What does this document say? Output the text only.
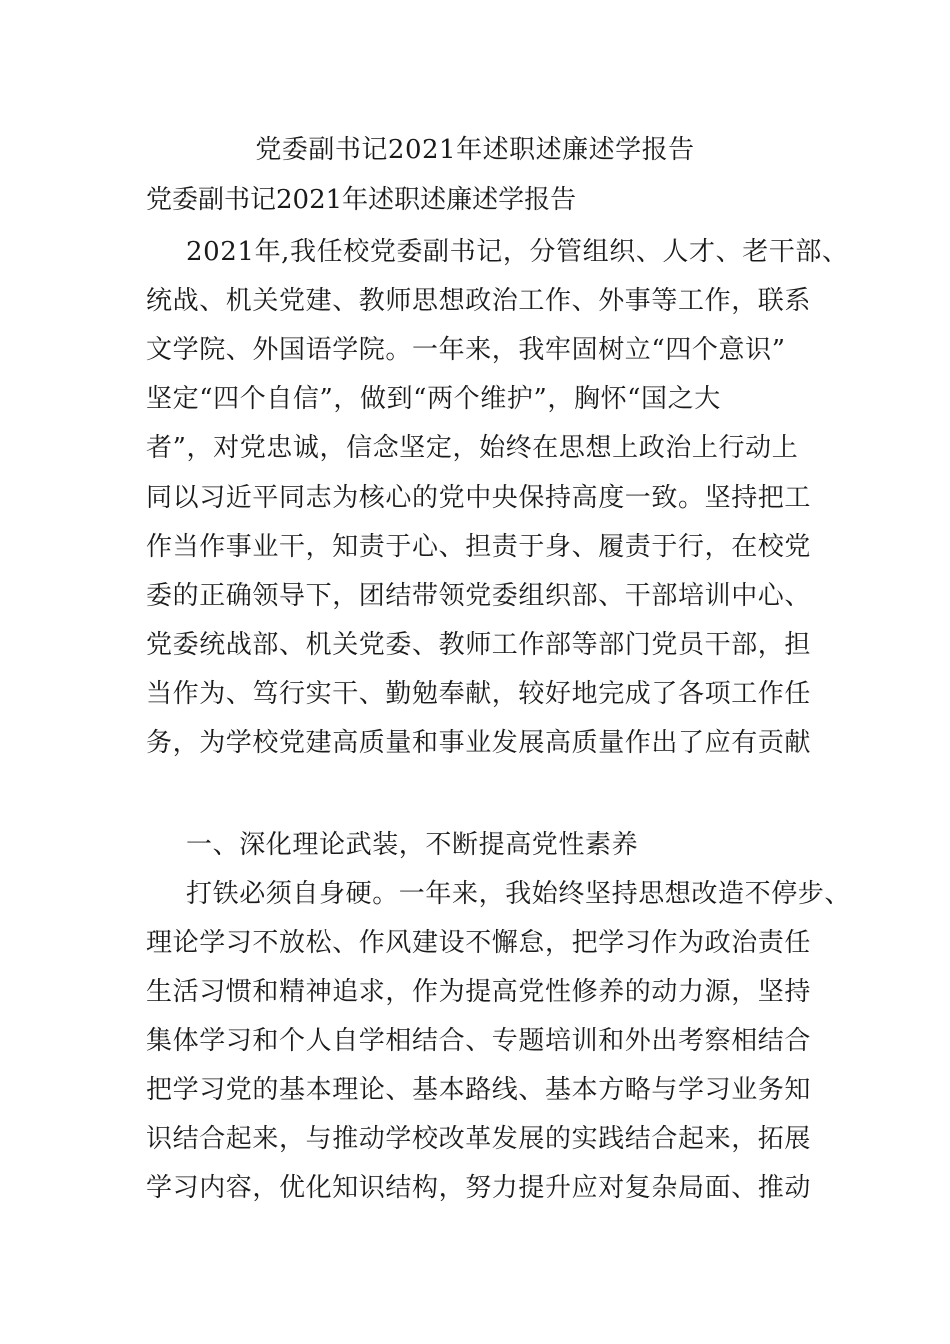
党委副书记2021年述职述廉述学报告
党委副书记2021年述职述廉述学报告
2021年,我任校党委副书记，分管组织、人才、老干部、
统战、机关党建、教师思想政治工作、外事等工作，联系
文学院、外国语学院。一年来，我牢固树立“四个意识”
坚定“四个自信”，做到“两个维护”，胸怀“国之大
者”，对党忠诚，信念坚定，始终在思想上政治上行动上
同以习近平同志为核心的党中央保持高度一致。坚持把工
作当作事业干，知责于心、担责于身、履责于行，在校党
委的正确领导下，团结带领党委组织部、干部培训中心、
党委统战部、机关党委、教师工作部等部门党员干部，担
当作为、笃行实干、勤勉奉献，较好地完成了各项工作任
务，为学校党建高质量和事业发展高质量作出了应有贡献
一、深化理论武装，不断提高党性素养
打铁必须自身硬。一年来，我始终坚持思想改造不停步、
理论学习不放松、作风建设不懈怠，把学习作为政治责任
生活习惯和精神追求，作为提高党性修养的动力源，坚持
集体学习和个人自学相结合、专题培训和外出考察相结合
把学习党的基本理论、基本路线、基本方略与学习业务知
识结合起来，与推动学校改革发展的实践结合起来，拓展
学习内容，优化知识结构，努力提升应对复杂局面、推动
